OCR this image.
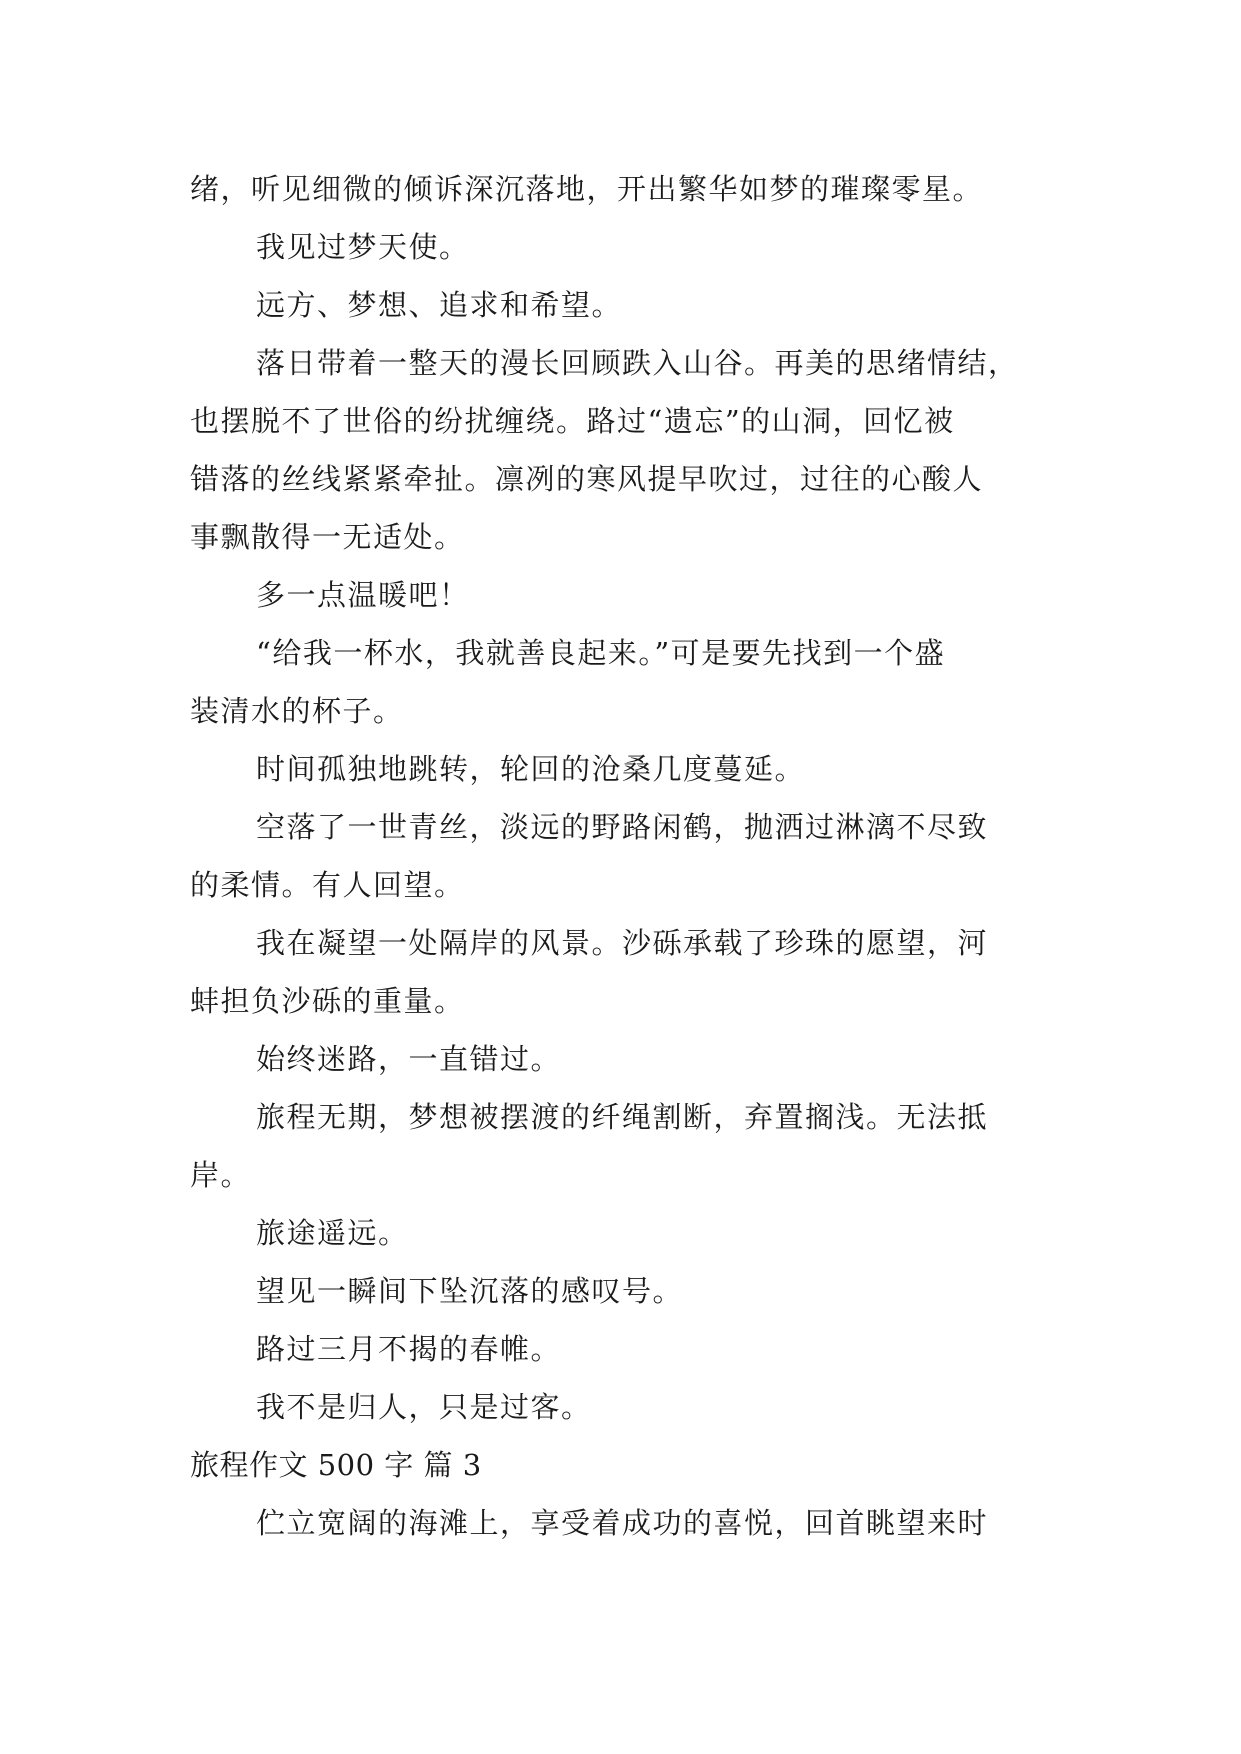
绪，听见细微的倾诉深沉落地，开出繁华如梦的璀璨零星。
我见过梦天使。
远方、梦想、追求和希望。
落日带着一整天的漫长回顾跌入山谷。再美的思绪情结，
也摆脱不了世俗的纷扰缠绕。路过“遗忘”的山洞，回忆被
错落的丝线紧紧牵扯。凛冽的寒风提早吹过，过往的心酸人
事飘散得一无适处。
多一点温暖吧！
“给我一杯水，我就善良起来。”可是要先找到一个盛
装清水的杯子。
时间孤独地跳转，轮回的沧桑几度蔓延。
空落了一世青丝，淡远的野路闲鹤，抛洒过淋漓不尽致
的柔情。有人回望。
我在凝望一处隔岸的风景。沙砾承载了珍珠的愿望，河
蚌担负沙砾的重量。
始终迷路，一直错过。
旅程无期，梦想被摆渡的纤绳割断，弃置搁浅。无法抵
岸。
旅途遥远。
望见一瞬间下坠沉落的感叹号。
路过三月不揭的春帷。
我不是归人，只是过客。
旅程作文 500 字 篇 3
伫立宽阔的海滩上，享受着成功的喜悦，回首眺望来时
